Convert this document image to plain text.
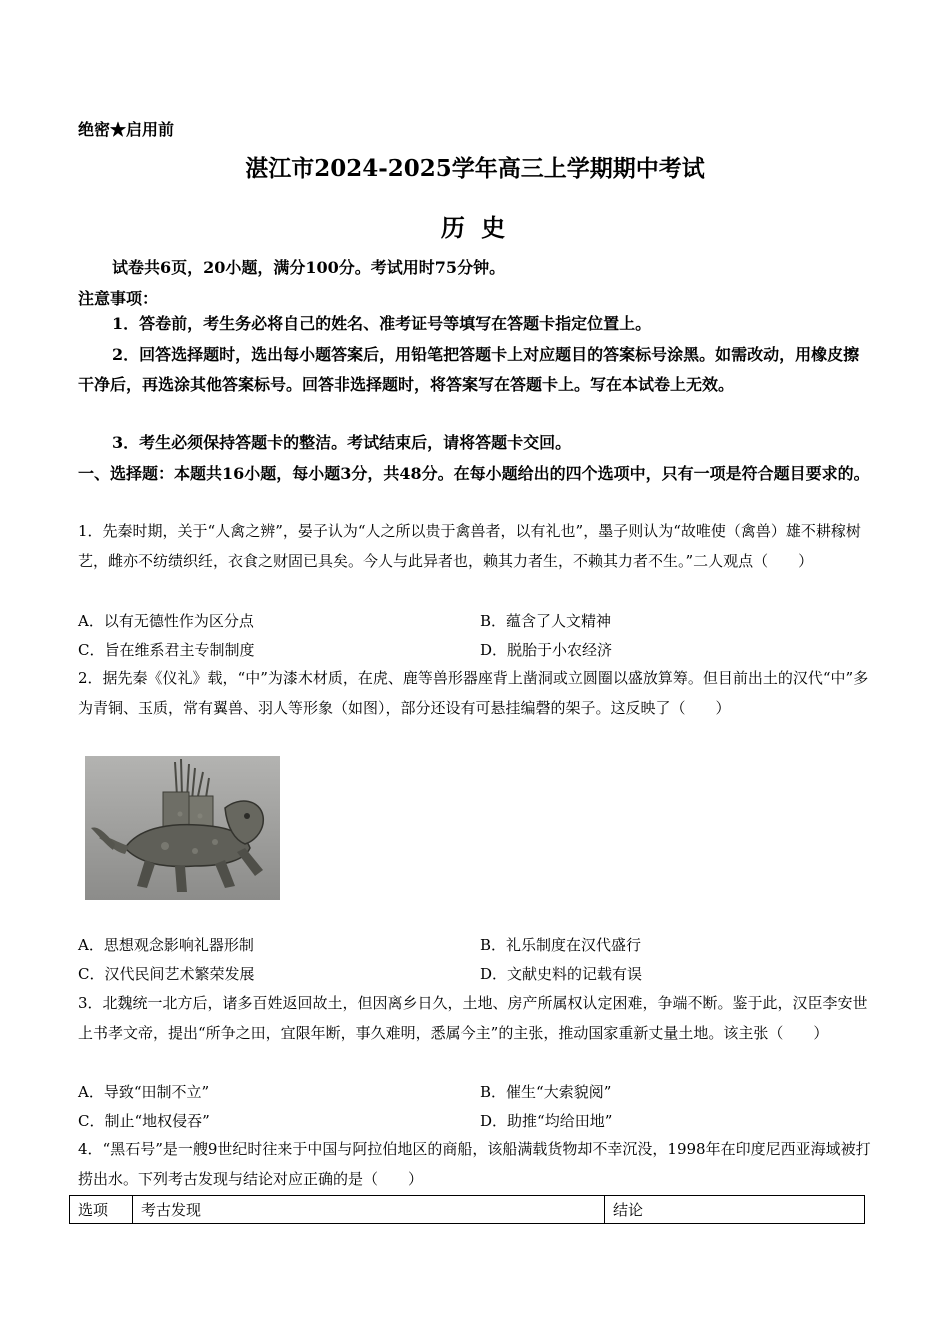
绝密★启用前
湛江市2024-2025学年高三上学期期中考试
历 史
试卷共6页，20小题，满分100分。考试用时75分钟。
注意事项：
1．答卷前，考生务必将自己的姓名、准考证号等填写在答题卡指定位置上。
2．回答选择题时，选出每小题答案后，用铅笔把答题卡上对应题目的答案标号涂黑。如需改动，用橡皮擦干净后，再选涂其他答案标号。回答非选择题时，将答案写在答题卡上。写在本试卷上无效。
3．考生必须保持答题卡的整洁。考试结束后，请将答题卡交回。
一、选择题：本题共16小题，每小题3分，共48分。在每小题给出的四个选项中，只有一项是符合题目要求的。
1．先秦时期，关于“人禽之辨”，晏子认为“人之所以贵于禽兽者，以有礼也”，墨子则认为“故唯使（禽兽）雄不耕稼树艺，雌亦不纺绩织纴，衣食之财固已具矣。今人与此异者也，赖其力者生，不赖其力者不生。”二人观点（　　）
A．以有无德性作为区分点	B．蕴含了人文精神
C．旨在维系君主专制制度	D．脱胎于小农经济
2．据先秦《仪礼》载，“中”为漆木材质，在虎、鹿等兽形器座背上凿洞或立圆圈以盛放算筹。但目前出土的汉代“中”多为青铜、玉质，常有翼兽、羽人等形象（如图），部分还设有可悬挂编磬的架子。这反映了（　　）
A．思想观念影响礼器形制	B．礼乐制度在汉代盛行
C．汉代民间艺术繁荣发展	D．文献史料的记载有误
3．北魏统一北方后，诸多百姓返回故土，但因离乡日久，土地、房产所属权认定困难，争端不断。鉴于此，汉臣李安世上书孝文帝，提出“所争之田，宜限年断，事久难明，悉属今主”的主张，推动国家重新丈量土地。该主张（　　）
A．导致“田制不立”	B．催生“大索貌阅”
C．制止“地权侵吞”	D．助推“均给田地”
4．“黑石号”是一艘9世纪时往来于中国与阿拉伯地区的商船，该船满载货物却不幸沉没，1998年在印度尼西亚海域被打捞出水。下列考古发现与结论对应正确的是（　　）
选项	考古发现	结论
